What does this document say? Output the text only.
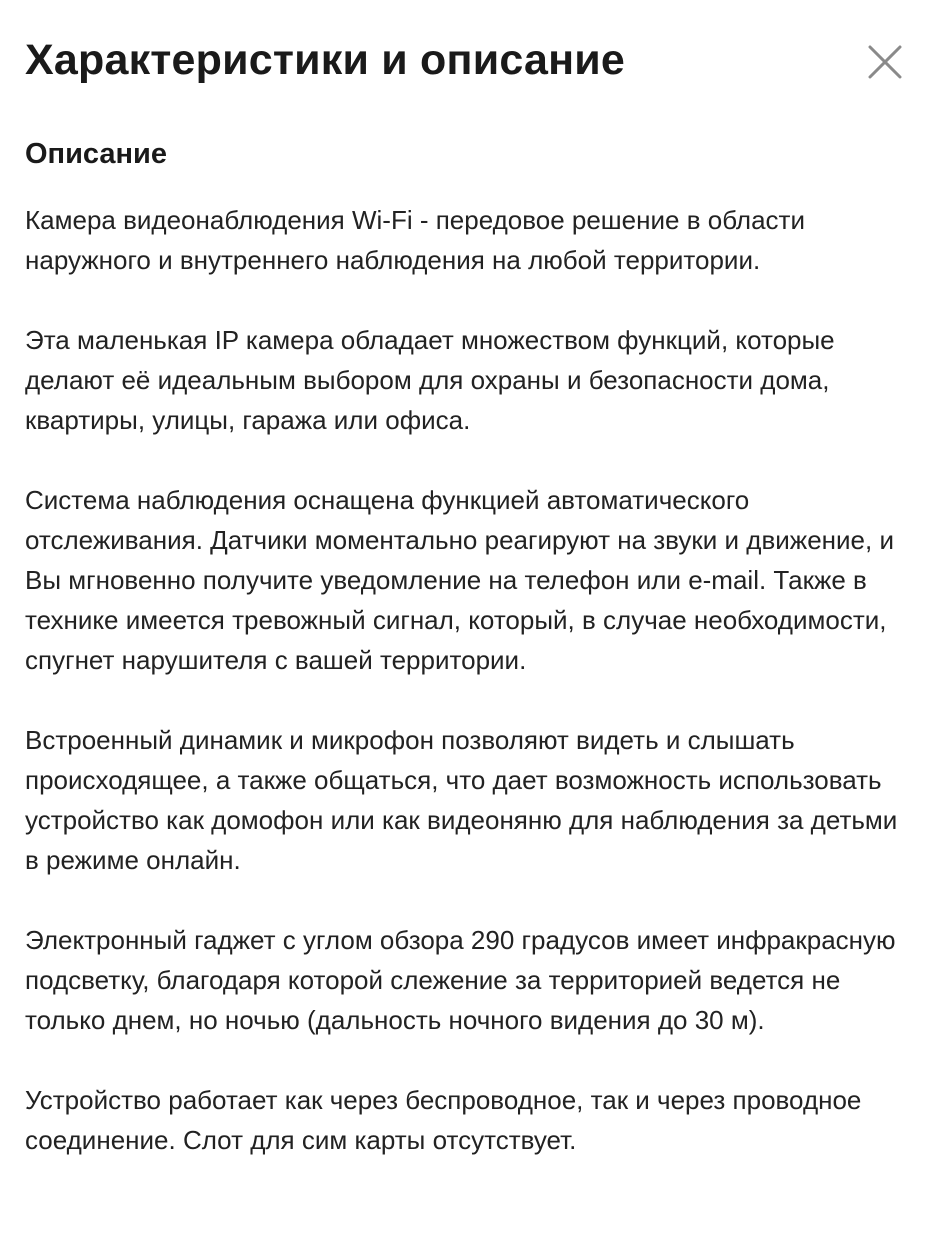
Характеристики и описание
Описание

Камера видеонаблюдения Wi-Fi - передовое решение в области наружного и внутреннего наблюдения на любой территории.

Эта маленькая IP камера обладает множеством функций, которые делают её идеальным выбором для охраны и безопасности дома, квартиры, улицы, гаража или офиса.

Система наблюдения оснащена функцией автоматического отслеживания. Датчики моментально реагируют на звуки и движение, и Вы мгновенно получите уведомление на телефон или e-mail. Также в технике имеется тревожный сигнал, который, в случае необходимости, спугнет нарушителя с вашей территории.

Встроенный динамик и микрофон позволяют видеть и слышать происходящее, а также общаться, что дает возможность использовать устройство как домофон или как видеоняню для наблюдения за детьми в режиме онлайн.

Электронный гаджет с углом обзора 290 градусов имеет инфракрасную подсветку, благодаря которой слежение за территорией ведется не только днем, но ночью (дальность ночного видения до 30 м).

Устройство работает как через беспроводное, так и через проводное соединение. Слот для сим карты отсутствует.
